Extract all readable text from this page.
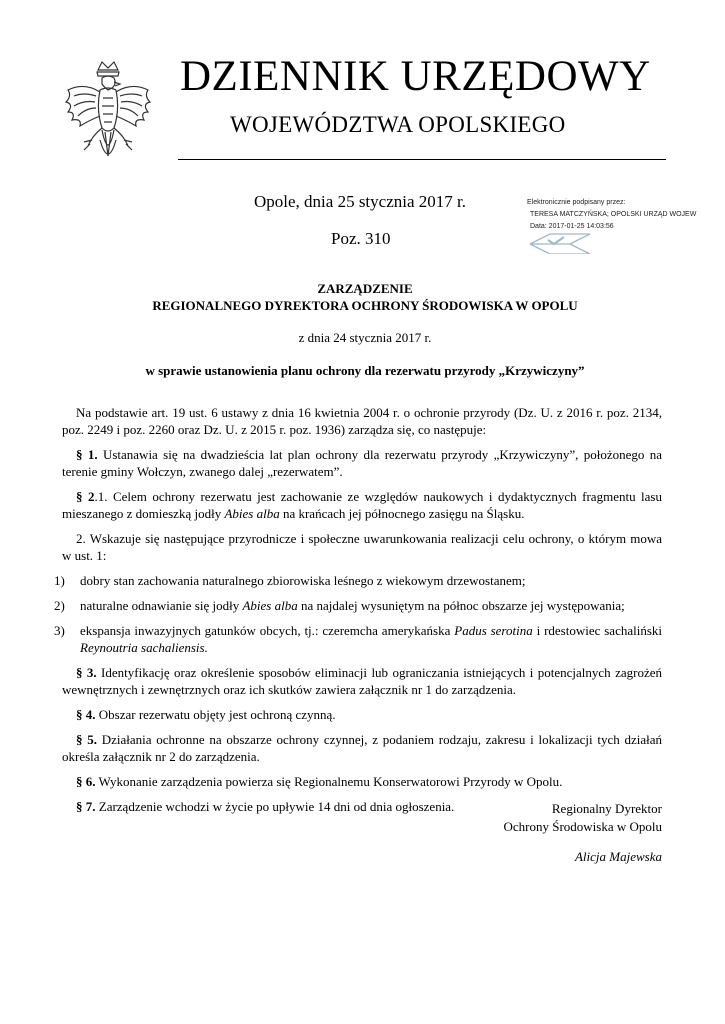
DZIENNIK URZĘDOWY
WOJEWÓDZTWA OPOLSKIEGO
Opole, dnia 25 stycznia 2017 r.
Poz. 310
Elektronicznie podpisany przez:
TERESA MATCZYŃSKA; OPOLSKI URZĄD WOJEW
Data: 2017-01-25 14:03:56
ZARZĄDZENIE
REGIONALNEGO DYREKTORA OCHRONY ŚRODOWISKA W OPOLU
z dnia 24 stycznia 2017 r.
w sprawie ustanowienia planu ochrony dla rezerwatu przyrody „Krzywiczyny”

Na podstawie art. 19 ust. 6 ustawy z dnia 16 kwietnia 2004 r. o ochronie przyrody (Dz. U. z 2016 r. poz. 2134, poz. 2249 i poz. 2260 oraz Dz. U. z 2015 r. poz. 1936) zarządza się, co następuje:

§ 1. Ustanawia się na dwadzieścia lat plan ochrony dla rezerwatu przyrody „Krzywiczyny”, położonego na terenie gminy Wołczyn, zwanego dalej „rezerwatem”.

§ 2.1. Celem ochrony rezerwatu jest zachowanie ze względów naukowych i dydaktycznych fragmentu lasu mieszanego z domieszką jodły Abies alba na krańcach jej północnego zasięgu na Śląsku.

2. Wskazuje się następujące przyrodnicze i społeczne uwarunkowania realizacji celu ochrony, o którym mowa w ust. 1:

1) dobry stan zachowania naturalnego zbiorowiska leśnego z wiekowym drzewostanem;
2) naturalne odnawianie się jodły Abies alba na najdalej wysuniętym na północ obszarze jej występowania;
3) ekspansja inwazyjnych gatunków obcych, tj.: czeremcha amerykańska Padus serotina i rdestowiec sachaliński Reynoutria sachaliensis.

§ 3. Identyfikację oraz określenie sposobów eliminacji lub ograniczania istniejących i potencjalnych zagrożeń wewnętrznych i zewnętrznych oraz ich skutków zawiera załącznik nr 1 do zarządzenia.

§ 4. Obszar rezerwatu objęty jest ochroną czynną.

§ 5. Działania ochronne na obszarze ochrony czynnej, z podaniem rodzaju, zakresu i lokalizacji tych działań określa załącznik nr 2 do zarządzenia.

§ 6. Wykonanie zarządzenia powierza się Regionalnemu Konserwatorowi Przyrody w Opolu.

§ 7. Zarządzenie wchodzi w życie po upływie 14 dni od dnia ogłoszenia.	Regionalny Dyrektor
Ochrony Środowiska w Opolu
Alicja Majewska
